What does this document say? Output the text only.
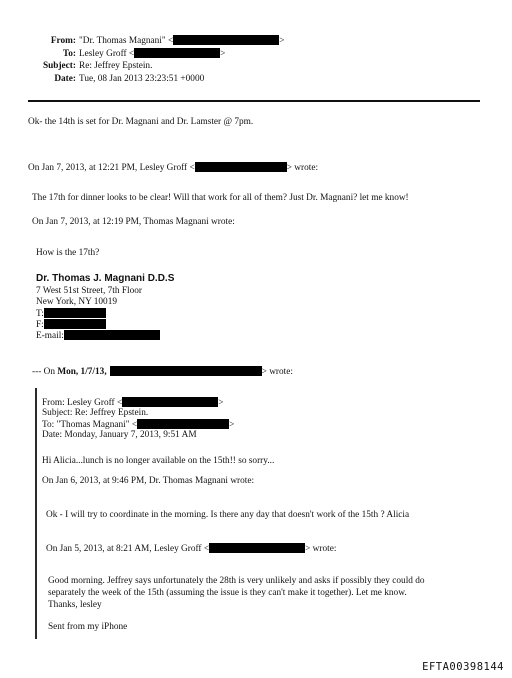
From: "Dr. Thomas Magnani" <	>
To: Lesley Groff <	>
Subject: Re: Jeffrey Epstein.
Date: Tue, 08 Jan 2013 23:23:51 +0000
Ok- the 14th is set for Dr. Magnani and Dr. Lamster @ 7pm.
On Jan 7, 2013, at 12:21 PM, Lesley Groff <	> wrote:
The 17th for dinner looks to be clear! Will that work for all of them? Just Dr. Magnani? let me know!
On Jan 7, 2013, at 12:19 PM, Thomas Magnani wrote:
How is the 17th?
Dr. Thomas J. Magnani D.D.S
7 West 51st Street, 7th Floor
New York, NY 10019
T:
F:
E-mail:
--- On Mon, 1/7/13,	> wrote:
From: Lesley Groff <	>
Subject: Re: Jeffrey Epstein.
To: "Thomas Magnani" <	>
Date: Monday, January 7, 2013, 9:51 AM
Hi Alicia...lunch is no longer available on the 15th!! so sorry...
On Jan 6, 2013, at 9:46 PM, Dr. Thomas Magnani wrote:
Ok - I will try to coordinate in the morning. Is there any day that doesn't work of the 15th ? Alicia
On Jan 5, 2013, at 8:21 AM, Lesley Groff <	> wrote:
Good morning. Jeffrey says unfortunately the 28th is very unlikely and asks if possibly they could do
separately the week of the 15th (assuming the issue is they can't make it together). Let me know.
Thanks, lesley
Sent from my iPhone
EFTA00398144
